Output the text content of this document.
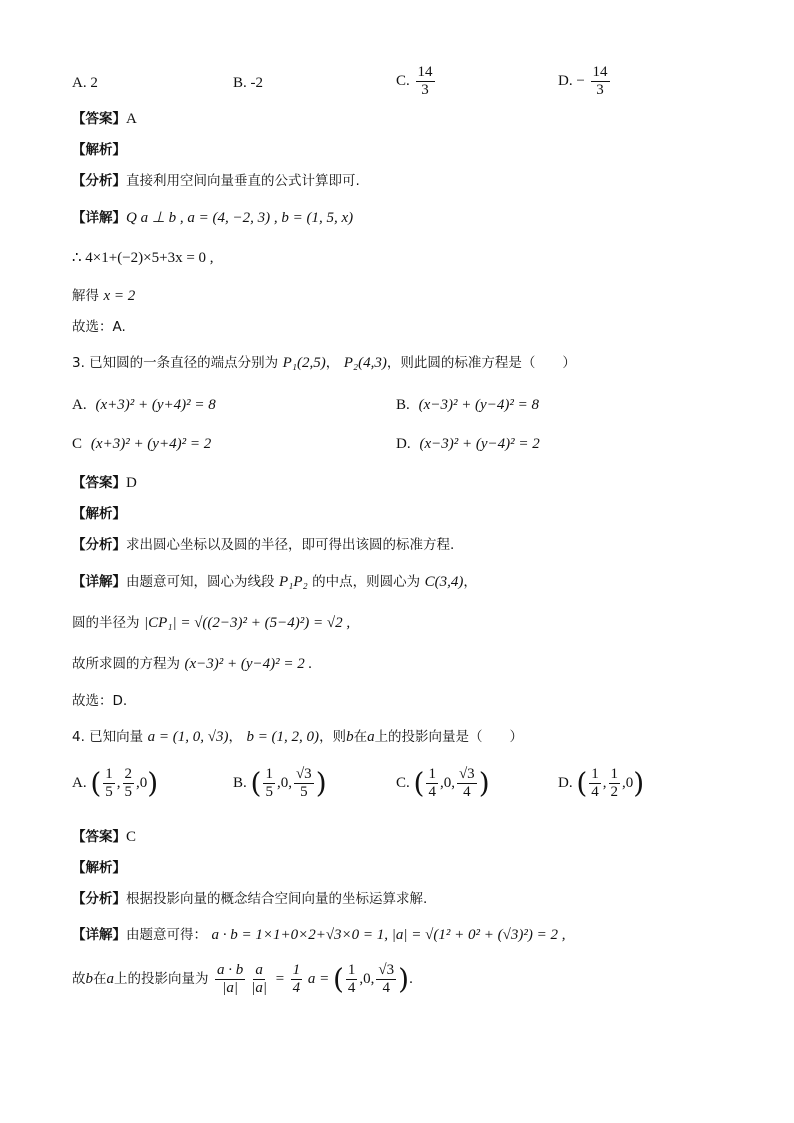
A. 2	B. -2	C. $\frac{14}{3}$	D. − $\frac{14}{3}$
【答案】A
【解析】
【分析】直接利用空间向量垂直的公式计算即可.
【详解】Q a ⊥ b , a = (4, −2, 3) , b = (1, 5, x)
∴ 4×1+(−2)×5+3x = 0 ,
解得 x = 2
故选：A.
3. 已知圆的一条直径的端点分别为 P₁(2,5)， P₂(4,3)，则此圆的标准方程是（　　）
A. (x+3)² + (y+4)² = 8	B. (x−3)² + (y−4)² = 8
C (x+3)² + (y+4)² = 2	D. (x−3)² + (y−4)² = 2
【答案】D
【解析】
【分析】求出圆心坐标以及圆的半径，即可得出该圆的标准方程.
【详解】由题意可知，圆心为线段 P₁P₂ 的中点，则圆心为 C(3,4)，
圆的半径为 |CP₁| = √((2−3)² + (5−4)²) = √2 ,
故所求圆的方程为 (x−3)² + (y−4)² = 2 .
故选：D.
4. 已知向量 a = (1, 0, √3)， b = (1, 2, 0)，则b在a上的投影向量是（　　）
A. ( $\frac{1}{5}$ , $\frac{2}{5} ,0$)	B. ( $\frac{1}{5} ,0$, $\frac{√3}{5}$ )	C. ( $\frac{1}{4} ,0$, $\frac{√3}{4}$ )	D. ( $\frac{1}{4}$ , $\frac{1}{2} ,0$)
【答案】C
【解析】
【分析】根据投影向量的概念结合空间向量的坐标运算求解.
【详解】由题意可得： a · b = 1×1+0×2+√3×0 = 1, |a| = √(1² + 0² + (√3)²) = 2 ,
故b在a上的投影向量为 $\frac{a \cdot b}{|a|} \frac{a}{|a|} = \frac{1}{4}$ a = ( $\frac{1}{4} ,0$, $\frac{√3}{4}$ ).
